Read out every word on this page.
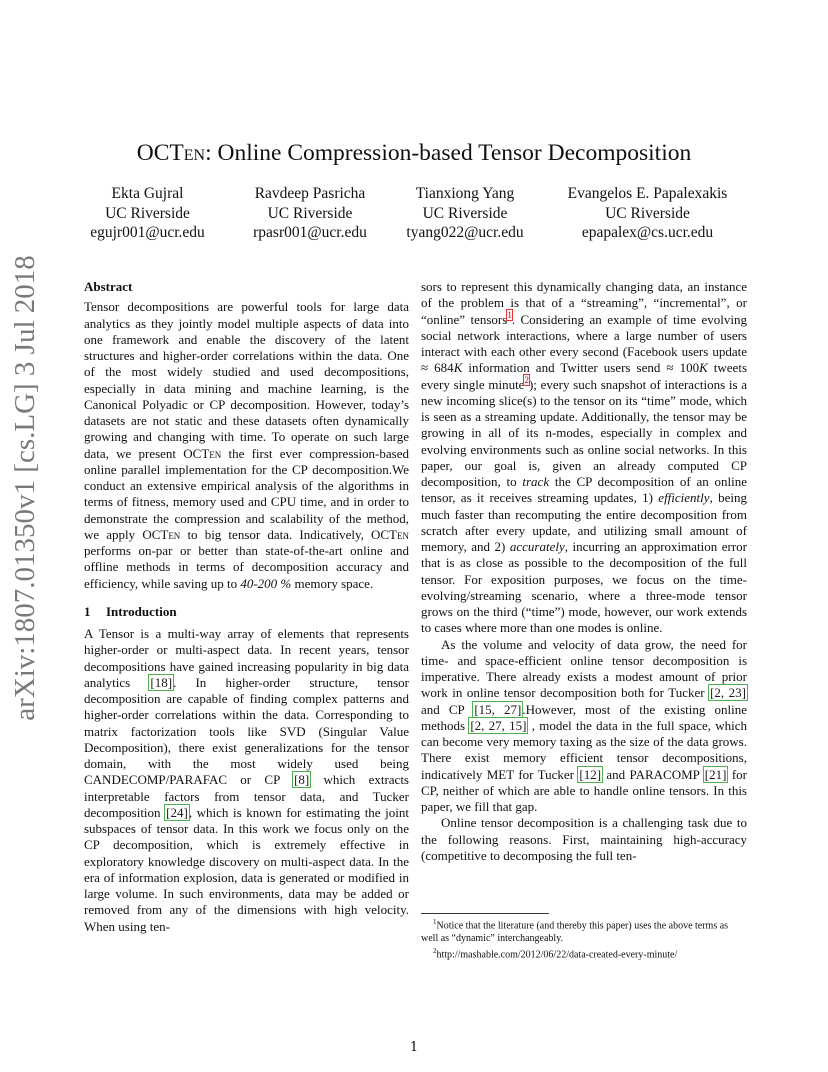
arXiv:1807.01350v1 [cs.LG] 3 Jul 2018
OCTen: Online Compression-based Tensor Decomposition
Ekta Gujral
UC Riverside
egujr001@ucr.edu
Ravdeep Pasricha
UC Riverside
rpasr001@ucr.edu
Tianxiong Yang
UC Riverside
tyang022@ucr.edu
Evangelos E. Papalexakis
UC Riverside
epapalex@cs.ucr.edu
Abstract

Tensor decompositions are powerful tools for large data analytics as they jointly model multiple aspects of data into one framework and enable the discovery of the latent structures and higher-order correlations within the data. One of the most widely studied and used decompositions, especially in data mining and machine learning, is the Canonical Polyadic or CP decomposition. However, today’s datasets are not static and these datasets often dynamically growing and changing with time. To operate on such large data, we present OCTen the first ever compression-based online parallel implementation for the CP decomposition.We conduct an extensive empirical analysis of the algorithms in terms of fitness, memory used and CPU time, and in order to demonstrate the compression and scalability of the method, we apply OCTen to big tensor data. Indicatively, OCTen performs on-par or better than state-of-the-art online and offline methods in terms of decomposition accuracy and efficiency, while saving up to 40-200 % memory space.

1 Introduction

A Tensor is a multi-way array of elements that represents higher-order or multi-aspect data. In recent years, tensor decompositions have gained increasing popularity in big data analytics [18]. In higher-order structure, tensor decomposition are capable of finding complex patterns and higher-order correlations within the data. Corresponding to matrix factorization tools like SVD (Singular Value Decomposition), there exist generalizations for the tensor domain, with the most widely used being CANDECOMP/PARAFAC or CP [8] which extracts interpretable factors from tensor data, and Tucker decomposition [24], which is known for estimating the joint subspaces of tensor data. In this work we focus only on the CP decomposition, which is extremely effective in exploratory knowledge discovery on multi-aspect data. In the era of information explosion, data is generated or modified in large volume. In such environments, data may be added or removed from any of the dimensions with high velocity. When using ten-

sors to represent this dynamically changing data, an instance of the problem is that of a “streaming”, “incremental”, or “online” tensors$^1$. Considering an example of time evolving social network interactions, where a large number of users interact with each other every second (Facebook users update ≈ 684K information and Twitter users send ≈ 100K tweets every single minute$^2$); every such snapshot of interactions is a new incoming slice(s) to the tensor on its “time” mode, which is seen as a streaming update. Additionally, the tensor may be growing in all of its n-modes, especially in complex and evolving environments such as online social networks. In this paper, our goal is, given an already computed CP decomposition, to track the CP decomposition of an online tensor, as it receives streaming updates, 1) efficiently, being much faster than recomputing the entire decomposition from scratch after every update, and utilizing small amount of memory, and 2) accurately, incurring an approximation error that is as close as possible to the decomposition of the full tensor. For exposition purposes, we focus on the time-evolving/streaming scenario, where a three-mode tensor grows on the third (“time”) mode, however, our work extends to cases where more than one modes is online.

As the volume and velocity of data grow, the need for time- and space-efficient online tensor decomposition is imperative. There already exists a modest amount of prior work in online tensor decomposition both for Tucker [2, 23] and CP [15, 27].However, most of the existing online methods [2, 27, 15] , model the data in the full space, which can become very memory taxing as the size of the data grows. There exist memory efficient tensor decompositions, indicatively MET for Tucker [12] and PARACOMP [21] for CP, neither of which are able to handle online tensors. In this paper, we fill that gap.

Online tensor decomposition is a challenging task due to the following reasons. First, maintaining high-accuracy (competitive to decomposing the full ten-

$^1$Notice that the literature (and thereby this paper) uses the above terms as well as “dynamic” interchangeably.

$^2$http://mashable.com/2012/06/22/data-created-every-minute/

1
